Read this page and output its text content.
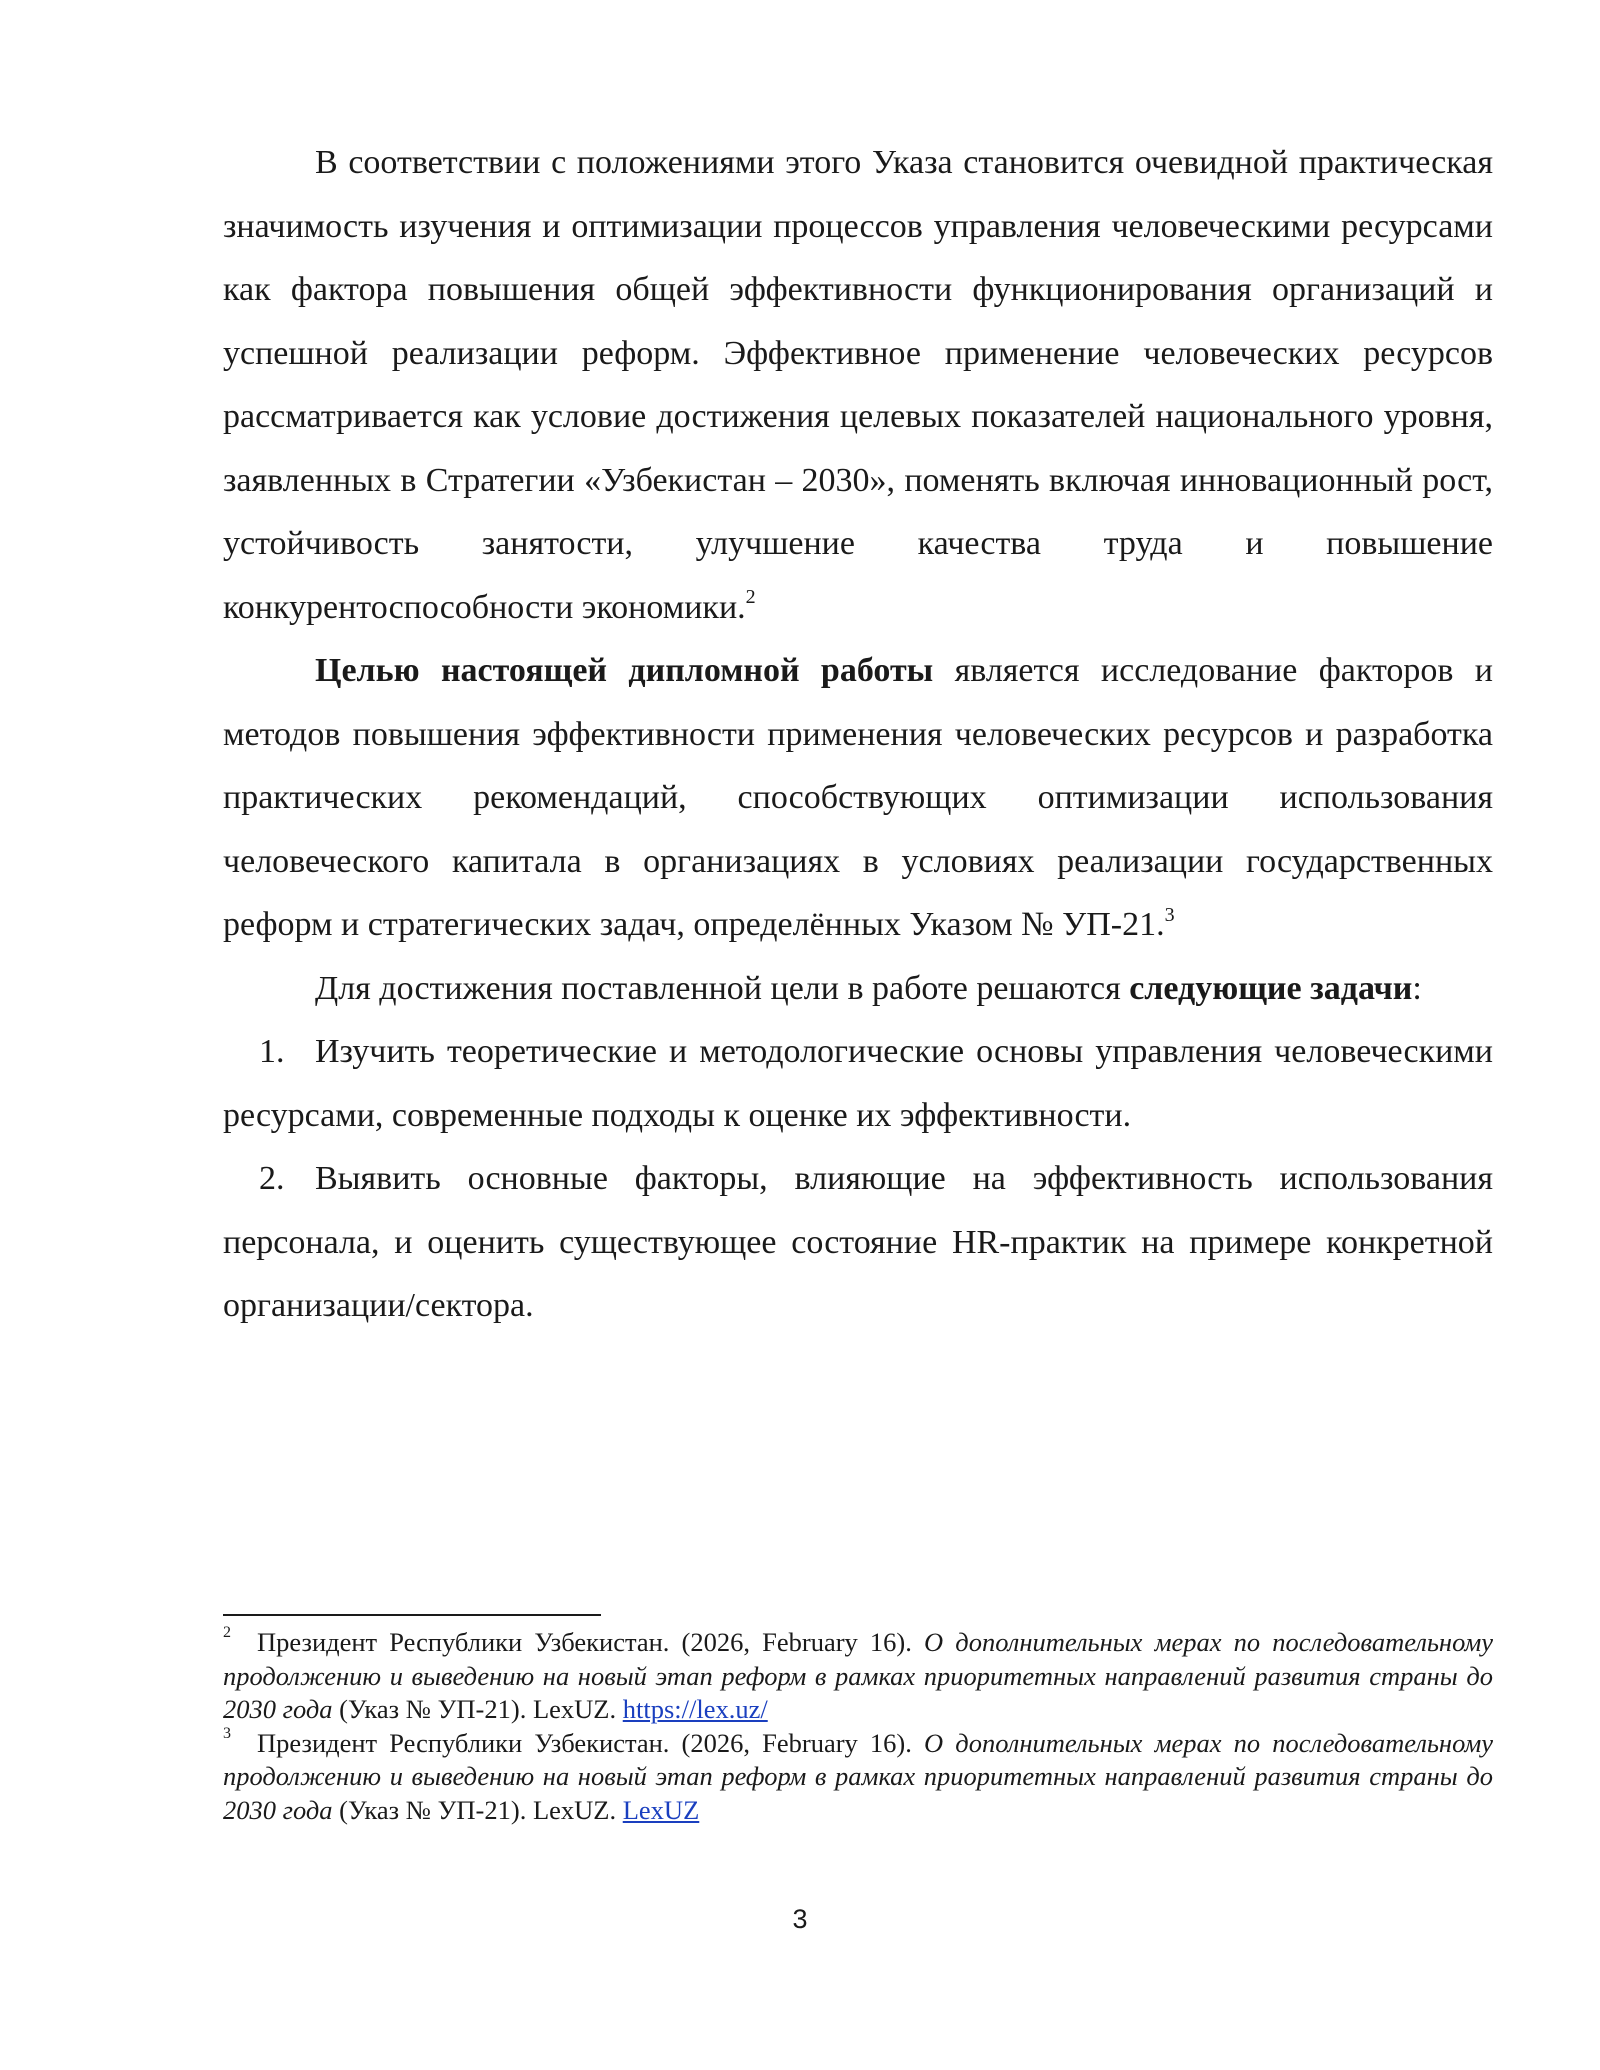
В соответствии с положениями этого Указа становится очевидной практическая значимость изучения и оптимизации процессов управления человеческими ресурсами как фактора повышения общей эффективности функционирования организаций и успешной реализации реформ. Эффективное применение человеческих ресурсов рассматривается как условие достижения целевых показателей национального уровня, заявленных в Стратегии «Узбекистан – 2030», поменять включая инновационный рост, устойчивость занятости, улучшение качества труда и повышение конкурентоспособности экономики.$^2$

Целью настоящей дипломной работы является исследование факторов и методов повышения эффективности применения человеческих ресурсов и разработка практических рекомендаций, способствующих оптимизации использования человеческого капитала в организациях в условиях реализации государственных реформ и стратегических задач, определённых Указом № УП-21.$^3$

Для достижения поставленной цели в работе решаются следующие задачи:

1. Изучить теоретические и методологические основы управления человеческими ресурсами, современные подходы к оценке их эффективности.

2. Выявить основные факторы, влияющие на эффективность использования персонала, и оценить существующее состояние HR-практик на примере конкретной организации/сектора.

$^2$ Президент Республики Узбекистан. (2026, February 16). О дополнительных мерах по последовательному продолжению и выведению на новый этап реформ в рамках приоритетных направлений развития страны до 2030 года (Указ № УП-21). LexUZ. https://lex.uz/

$^3$ Президент Республики Узбекистан. (2026, February 16). О дополнительных мерах по последовательному продолжению и выведению на новый этап реформ в рамках приоритетных направлений развития страны до 2030 года (Указ № УП-21). LexUZ. LexUZ

3
